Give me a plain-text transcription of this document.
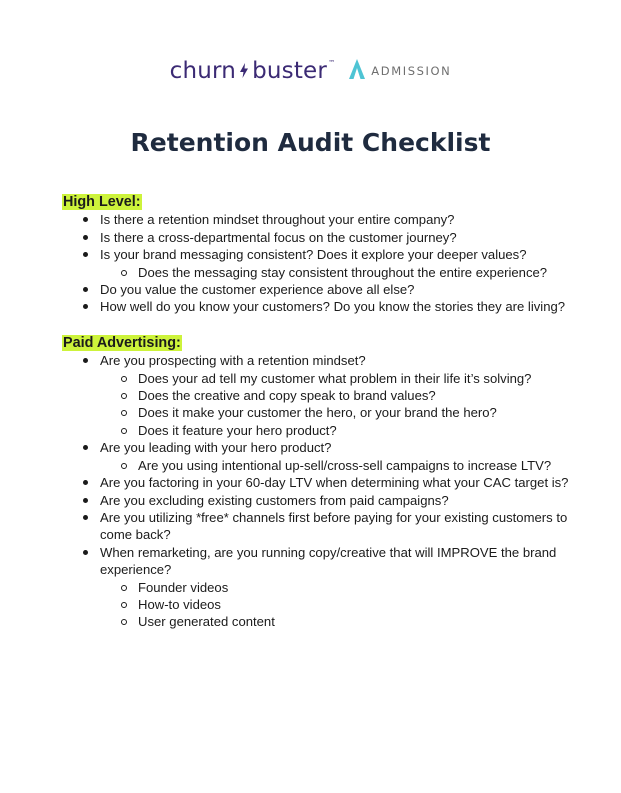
churn buster ™
ADMISSION
Retention Audit Checklist

High Level:

Is there a retention mindset throughout your entire company?
Is there a cross-departmental focus on the customer journey?
Is your brand messaging consistent? Does it explore your deeper values?
Does the messaging stay consistent throughout the entire experience?
Do you value the customer experience above all else?
How well do you know your customers? Do you know the stories they are living?

Paid Advertising:

Are you prospecting with a retention mindset?
Does your ad tell my customer what problem in their life it’s solving?
Does the creative and copy speak to brand values?
Does it make your customer the hero, or your brand the hero?
Does it feature your hero product?
Are you leading with your hero product?
Are you using intentional up-sell/cross-sell campaigns to increase LTV?
Are you factoring in your 60-day LTV when determining what your CAC target is?
Are you excluding existing customers from paid campaigns?
Are you utilizing *free* channels first before paying for your existing customers to come back?
When remarketing, are you running copy/creative that will IMPROVE the brand experience?
Founder videos
How-to videos
User generated content
